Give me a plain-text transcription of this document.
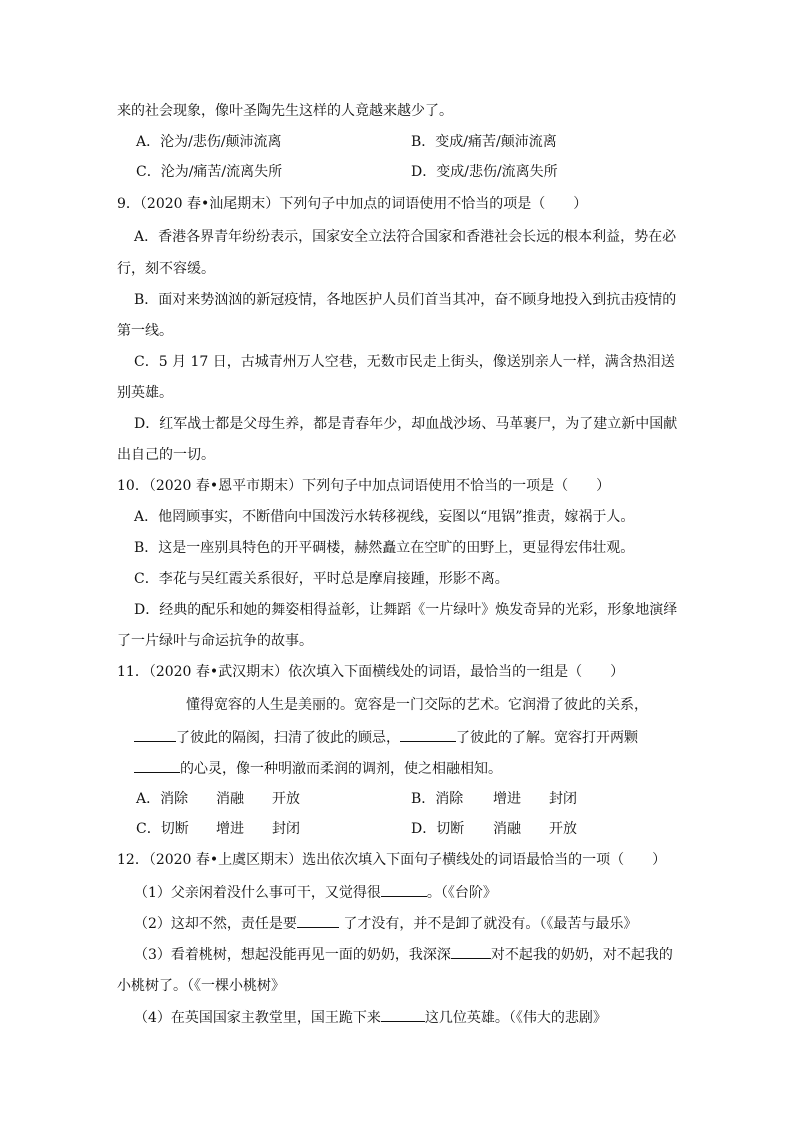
来的社会现象，像叶圣陶先生这样的人竟越来越少了。
A．沦为/悲伤/颠沛流离	B．变成/痛苦/颠沛流离
C．沦为/痛苦/流离失所	D．变成/悲伤/流离失所
9．（2020 春•汕尾期末）下列句子中加点的词语使用不恰当的项是（　　）
A．香港各界青年纷纷表示，国家安全立法符合国家和香港社会长远的根本利益，势在必
行，刻不容缓。
B．面对来势汹汹的新冠疫情，各地医护人员们首当其冲，奋不顾身地投入到抗击疫情的
第一线。
C．5 月 17 日，古城青州万人空巷，无数市民走上街头，像送别亲人一样，满含热泪送
别英雄。
D．红军战士都是父母生养，都是青春年少，却血战沙场、马革裹尸，为了建立新中国献
出自己的一切。
10．（2020 春•恩平市期末）下列句子中加点词语使用不恰当的一项是（　　）
A．他罔顾事实，不断借向中国泼污水转移视线，妄图以“甩锅”推责，嫁祸于人。
B．这是一座别具特色的开平碉楼，赫然矗立在空旷的田野上，更显得宏伟壮观。
C．李花与吴红霞关系很好，平时总是摩肩接踵，形影不离。
D．经典的配乐和她的舞姿相得益彰，让舞蹈《一片绿叶》焕发奇异的光彩，形象地演绎
了一片绿叶与命运抗争的故事。
11．（2020 春•武汉期末）依次填入下面横线处的词语，最恰当的一组是（　　）
懂得宽容的人生是美丽的。宽容是一门交际的艺术。它润滑了彼此的关系，
了彼此的隔阂，扫清了彼此的顾忌，	了彼此的了解。宽容打开两颗
的心灵，像一种明澈而柔润的调剂，使之相融相知。
A．消除 消融 开放	B．消除 增进 封闭
C．切断 增进 封闭	D．切断 消融 开放
12．（2020 春•上虞区期末）选出依次填入下面句子横线处的词语最恰当的一项（　　）
（1）父亲闲着没什么事可干，又觉得很	。（《台阶》
（2）这却不然，责任是要	了才没有，并不是卸了就没有。（《最苦与最乐》
（3）看着桃树，想起没能再见一面的奶奶，我深深	对不起我的奶奶，对不起我的
小桃树了。（《一棵小桃树》
（4）在英国国家主教堂里，国王跪下来	这几位英雄。（《伟大的悲剧》
